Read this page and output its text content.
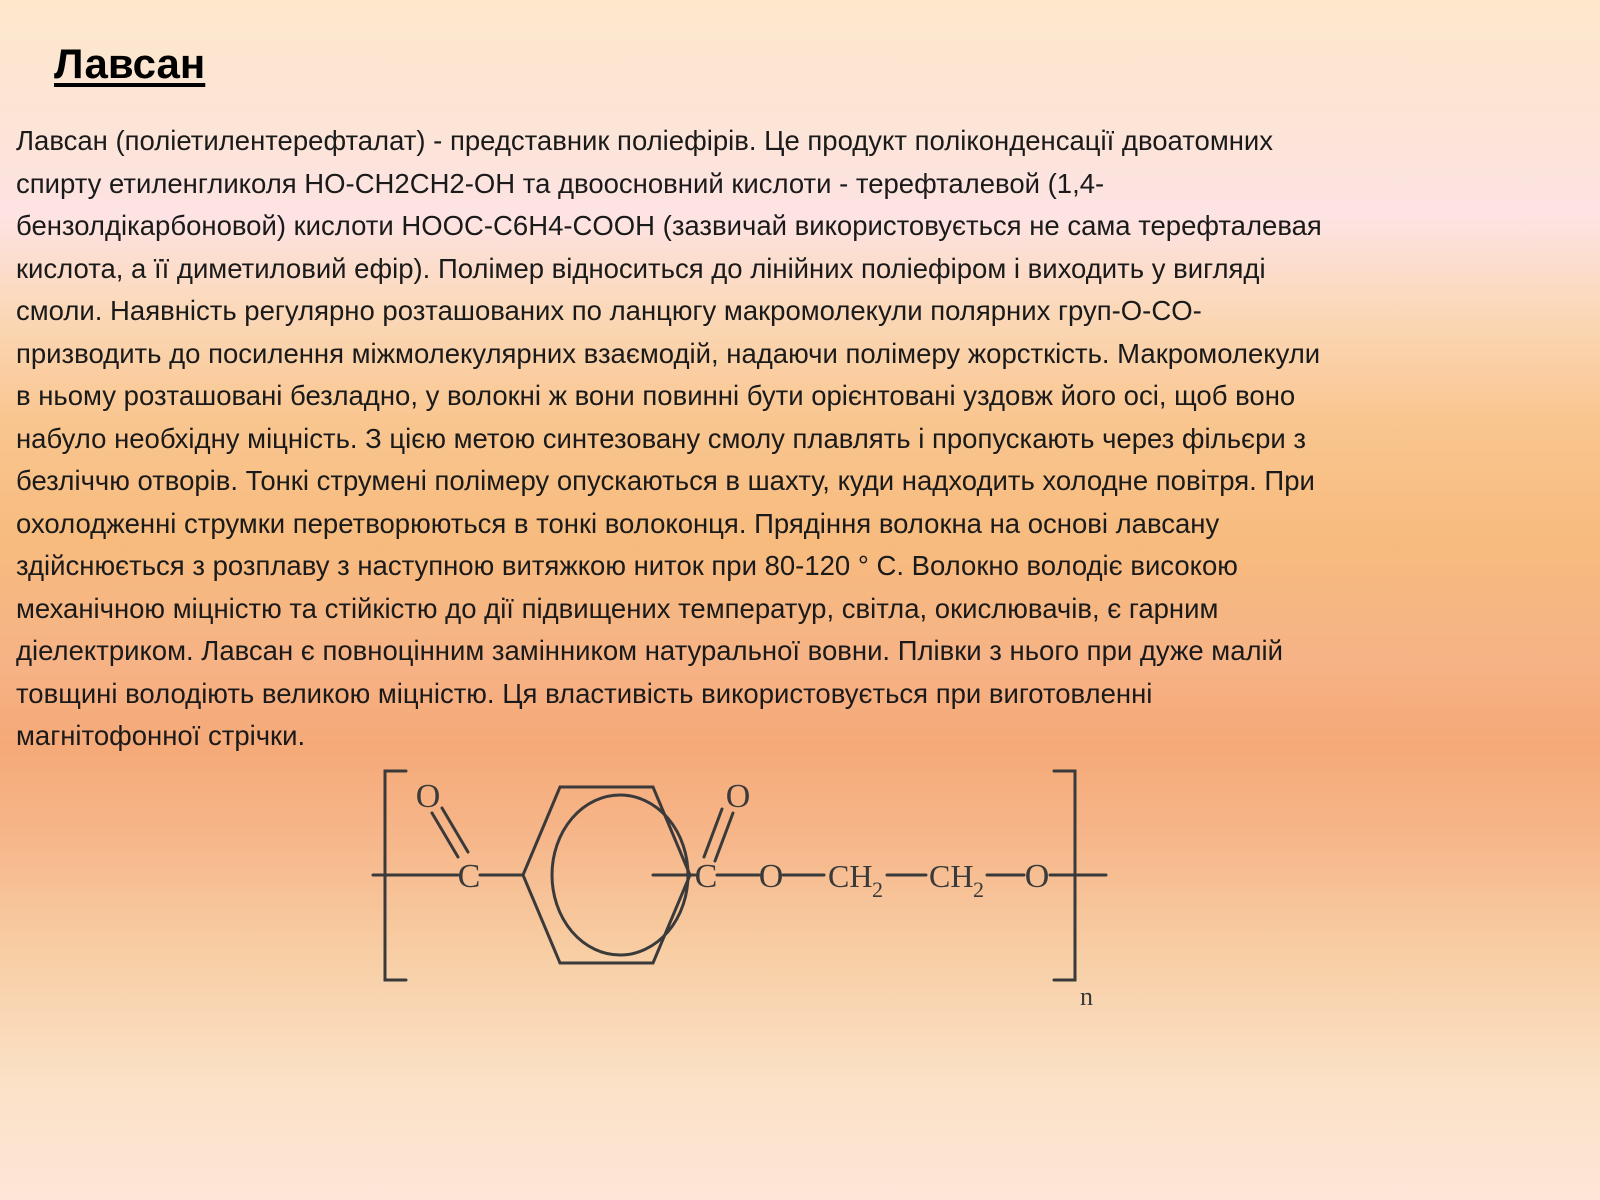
Лавсан
Лавсан (поліетилентерефталат) - представник поліефірів. Це продукт поліконденсації двоатомних
спирту етиленгликоля HO-CH2CH2-OH та двоосновний кислоти - терефталевой (1,4-
бензолдікарбоновой) кислоти HOOC-C6H4-COOH (зазвичай використовується не сама терефталевая
кислота, а її диметиловий ефір). Полімер відноситься до лінійних поліефіром і виходить у вигляді
смоли. Наявність регулярно розташованих по ланцюгу макромолекули полярних груп-O-CO-
призводить до посилення міжмолекулярних взаємодій, надаючи полімеру жорсткість. Макромолекули
в ньому розташовані безладно, у волокні ж вони повинні бути орієнтовані уздовж його осі, щоб воно
набуло необхідну міцність. З цією метою синтезовану смолу плавлять і пропускають через фільєри з
безліччю отворів. Тонкі струмені полімеру опускаються в шахту, куди надходить холодне повітря. При
охолодженні струмки перетворюються в тонкі волоконця. Прядіння волокна на основі лавсану
здійснюється з розплаву з наступною витяжкою ниток при 80-120 ° С. Волокно володіє високою
механічною міцністю та стійкістю до дії підвищених температур, світла, окислювачів, є гарним
діелектриком. Лавсан є повноцінним замінником натуральної вовни. Плівки з нього при дуже малій
товщині володіють великою міцністю. Ця властивість використовується при виготовленні
магнітофонної стрічки.
O
C
O
C O CH 2 CH 2 O
n
